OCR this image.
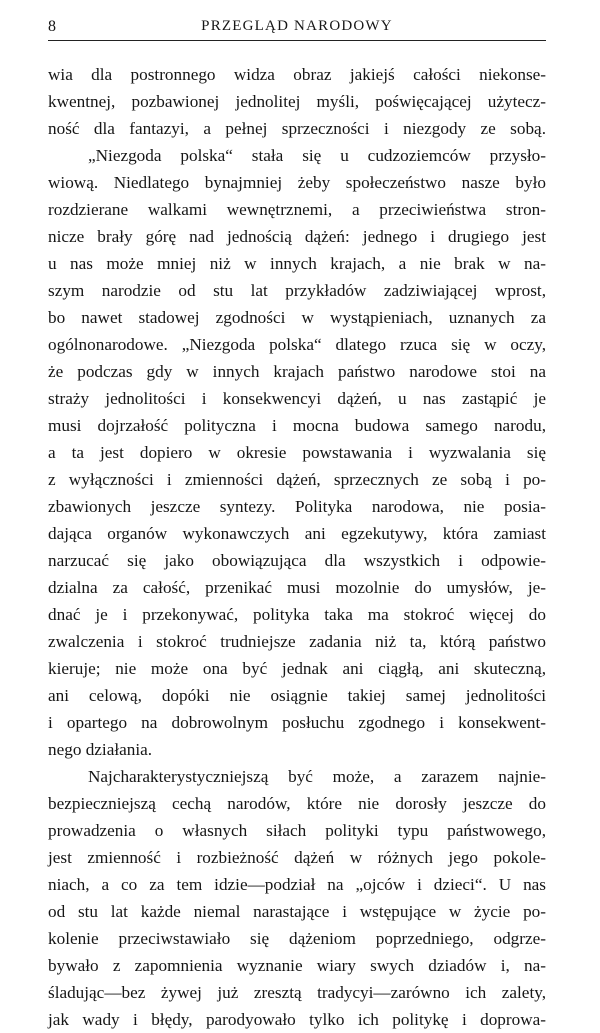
8	PRZEGLĄD NARODOWY
wia dla postronnego widza obraz jakiejś całości niekonse-
kwentnej, pozbawionej jednolitej myśli, poświęcającej użytecz-
ność dla fantazyi, a pełnej sprzeczności i niezgody ze sobą.
„Niezgoda polska“ stała się u cudzoziemców przysło-
wiową. Niedlatego bynajmniej żeby społeczeństwo nasze było
rozdzierane walkami wewnętrznemi, a przeciwieństwa stron-
nicze brały górę nad jednością dążeń: jednego i drugiego jest
u nas może mniej niż w innych krajach, a nie brak w na-
szym narodzie od stu lat przykładów zadziwiającej wprost,
bo nawet stadowej zgodności w wystąpieniach, uznanych za
ogólnonarodowe. „Niezgoda polska“ dlatego rzuca się w oczy,
że podczas gdy w innych krajach państwo narodowe stoi na
straży jednolitości i konsekwencyi dążeń, u nas zastąpić je
musi dojrzałość polityczna i mocna budowa samego narodu,
a ta jest dopiero w okresie powstawania i wyzwalania się
z wyłączności i zmienności dążeń, sprzecznych ze sobą i po-
zbawionych jeszcze syntezy. Polityka narodowa, nie posia-
dająca organów wykonawczych ani egzekutywy, która zamiast
narzucać się jako obowiązująca dla wszystkich i odpowie-
dzialna za całość, przenikać musi mozolnie do umysłów, je-
dnać je i przekonywać, polityka taka ma stokroć więcej do
zwalczenia i stokroć trudniejsze zadania niż ta, którą państwo
kieruje; nie może ona być jednak ani ciągłą, ani skuteczną,
ani celową, dopóki nie osiągnie takiej samej jednolitości
i opartego na dobrowolnym posłuchu zgodnego i konsekwent-
nego działania.
Najcharakterystyczniejszą być może, a zarazem najnie-
bezpieczniejszą cechą narodów, które nie dorosły jeszcze do
prowadzenia o własnych siłach polityki typu państwowego,
jest zmienność i rozbieżność dążeń w różnych jego pokole-
niach, a co za tem idzie—podział na „ojców i dzieci“. U nas
od stu lat każde niemal narastające i wstępujące w życie po-
kolenie przeciwstawiało się dążeniom poprzedniego, odgrze-
bywało z zapomnienia wyznanie wiary swych dziadów i, na-
śladując—bez żywej już zresztą tradycyi—zarówno ich zalety,
jak wady i błędy, parodyowało tylko ich politykę i doprowa-
